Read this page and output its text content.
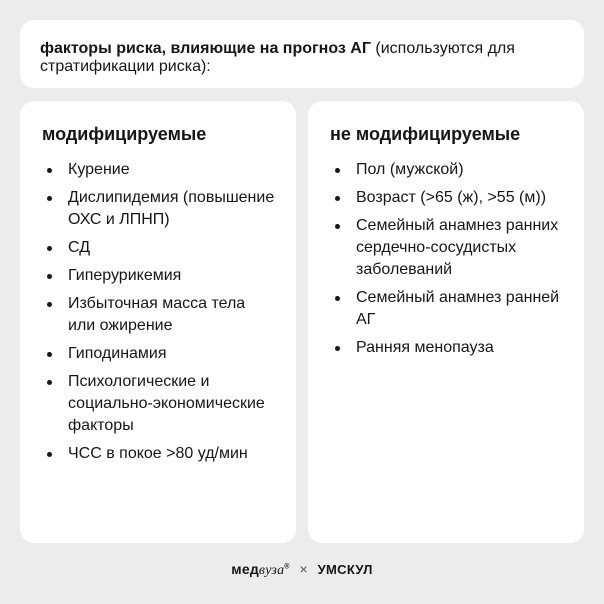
факторы риска, влияющие на прогноз АГ (используются для стратификации риска):
модифицируемые
Курение
Дислипидемия (повышение ОХС и ЛПНП)
СД
Гиперурикемия
Избыточная масса тела или ожирение
Гиподинамия
Психологические и социально-экономические факторы
ЧСС в покое >80 уд/мин
не модифицируемые
Пол (мужской)
Возраст (>65 (ж), >55 (м))
Семейный анамнез ранних сердечно-сосудистых заболеваний
Семейный анамнез ранней АГ
Ранняя менопауза
медвуза® × УМСКУЛ
